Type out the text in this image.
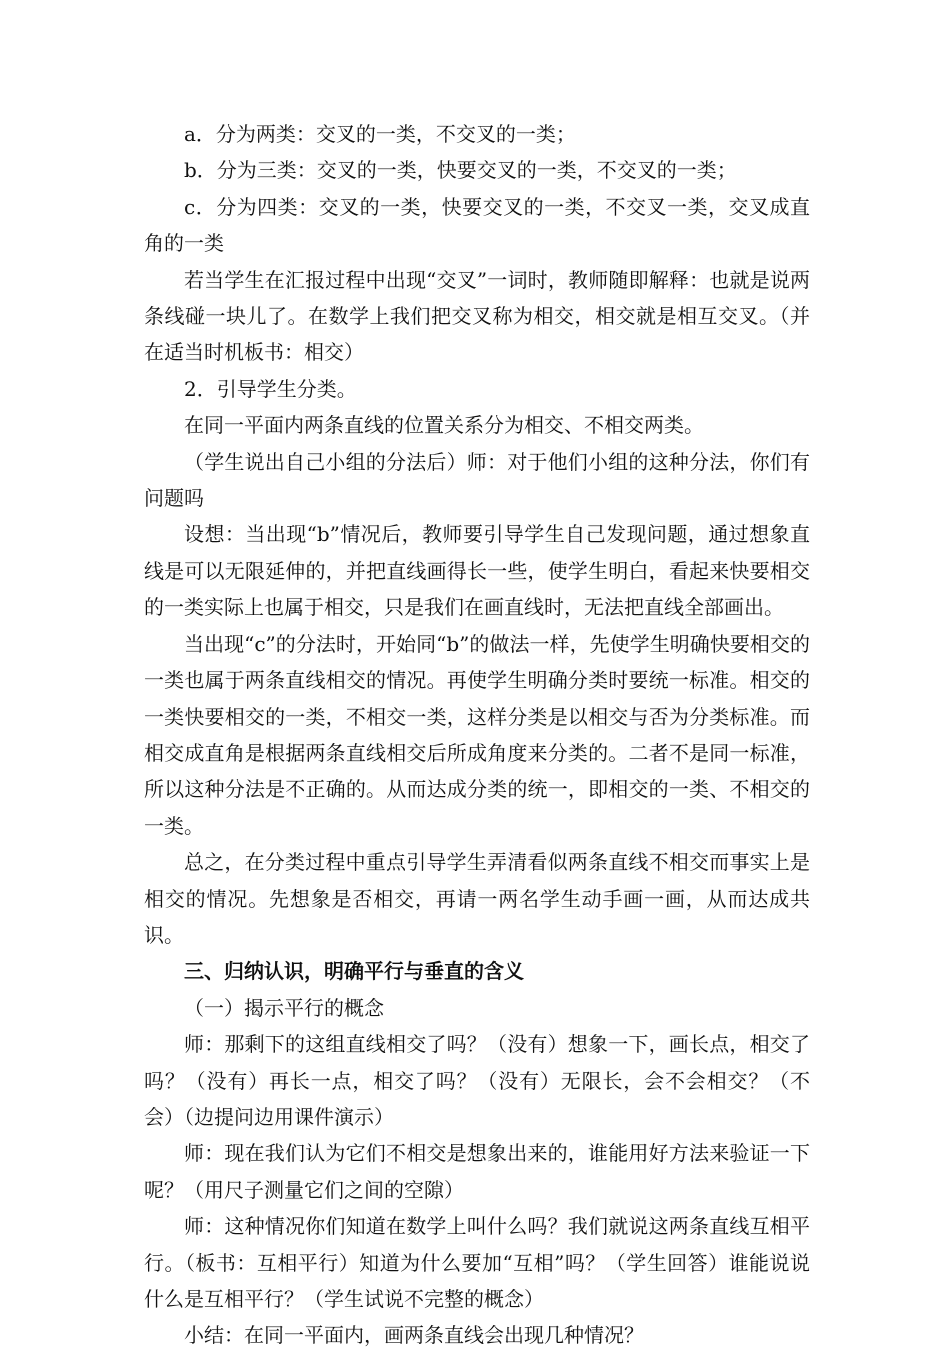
a．分为两类：交叉的一类，不交叉的一类；

b．分为三类：交叉的一类，快要交叉的一类，不交叉的一类；

c．分为四类：交叉的一类，快要交叉的一类，不交叉一类，交叉成直角的一类

若当学生在汇报过程中出现“交叉”一词时，教师随即解释：也就是说两条线碰一块儿了。在数学上我们把交叉称为相交，相交就是相互交叉。（并在适当时机板书：相交）

2．引导学生分类。

在同一平面内两条直线的位置关系分为相交、不相交两类。

（学生说出自己小组的分法后）师：对于他们小组的这种分法，你们有问题吗

设想：当出现“b”情况后，教师要引导学生自己发现问题，通过想象直线是可以无限延伸的，并把直线画得长一些，使学生明白，看起来快要相交的一类实际上也属于相交，只是我们在画直线时，无法把直线全部画出。

当出现“c”的分法时，开始同“b”的做法一样，先使学生明确快要相交的一类也属于两条直线相交的情况。再使学生明确分类时要统一标准。相交的一类快要相交的一类，不相交一类，这样分类是以相交与否为分类标准。而相交成直角是根据两条直线相交后所成角度来分类的。二者不是同一标准，所以这种分法是不正确的。从而达成分类的统一，即相交的一类、不相交的一类。

总之，在分类过程中重点引导学生弄清看似两条直线不相交而事实上是相交的情况。先想象是否相交，再请一两名学生动手画一画，从而达成共识。

三、归纳认识，明确平行与垂直的含义

（一）揭示平行的概念

师：那剩下的这组直线相交了吗？（没有）想象一下，画长点，相交了吗？（没有）再长一点，相交了吗？（没有）无限长，会不会相交？（不会）（边提问边用课件演示）

师：现在我们认为它们不相交是想象出来的，谁能用好方法来验证一下呢？（用尺子测量它们之间的空隙）

师：这种情况你们知道在数学上叫什么吗？我们就说这两条直线互相平行。（板书：互相平行）知道为什么要加“互相”吗？（学生回答）谁能说说什么是互相平行？（学生试说不完整的概念）

小结：在同一平面内，画两条直线会出现几种情况？
